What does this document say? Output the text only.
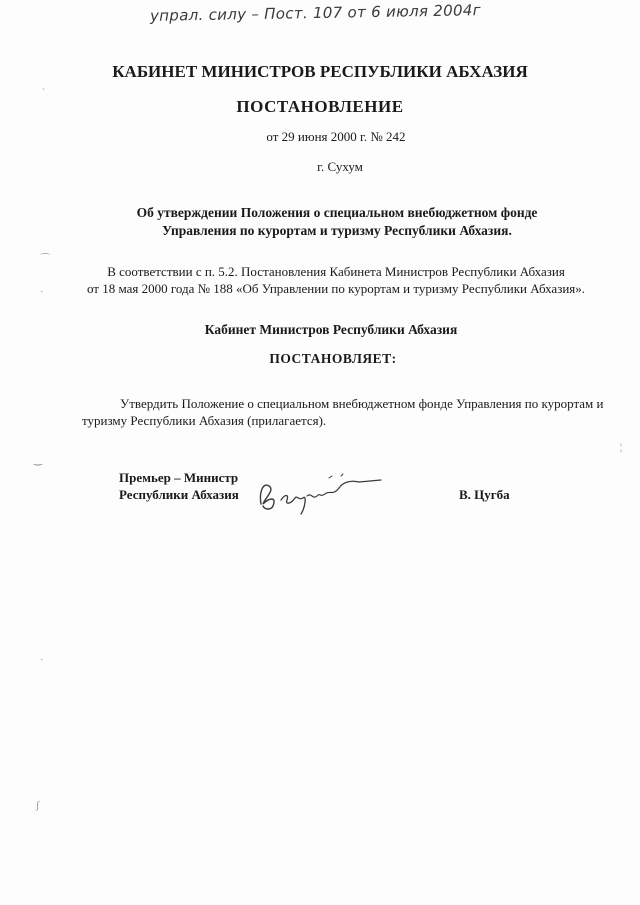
упрал. силу – Пост. 107 от 6 июля 2004г
КАБИНЕТ МИНИСТРОВ РЕСПУБЛИКИ АБХАЗИЯ
ПОСТАНОВЛЕНИЕ
от 29 июня 2000 г. № 242
г. Сухум
Об утверждении Положения о специальном внебюджетном фонде
Управления по курортам и туризму Республики Абхазия.
В соответствии с п. 5.2. Постановления Кабинета Министров Республики Абхазия
от 18 мая 2000 года № 188 «Об Управлении по курортам и туризму Республики Абхазия».
Кабинет Министров Республики Абхазия
ПОСТАНОВЛЯЕТ:
Утвердить Положение о специальном внебюджетном фонде Управления по курортам и
туризму Республики Абхазия (прилагается).
Премьер – Министр
Республики Абхазия	В. Цугба
ˋ
⌒
ˎ
‿
¦
ˏ
ʃ
